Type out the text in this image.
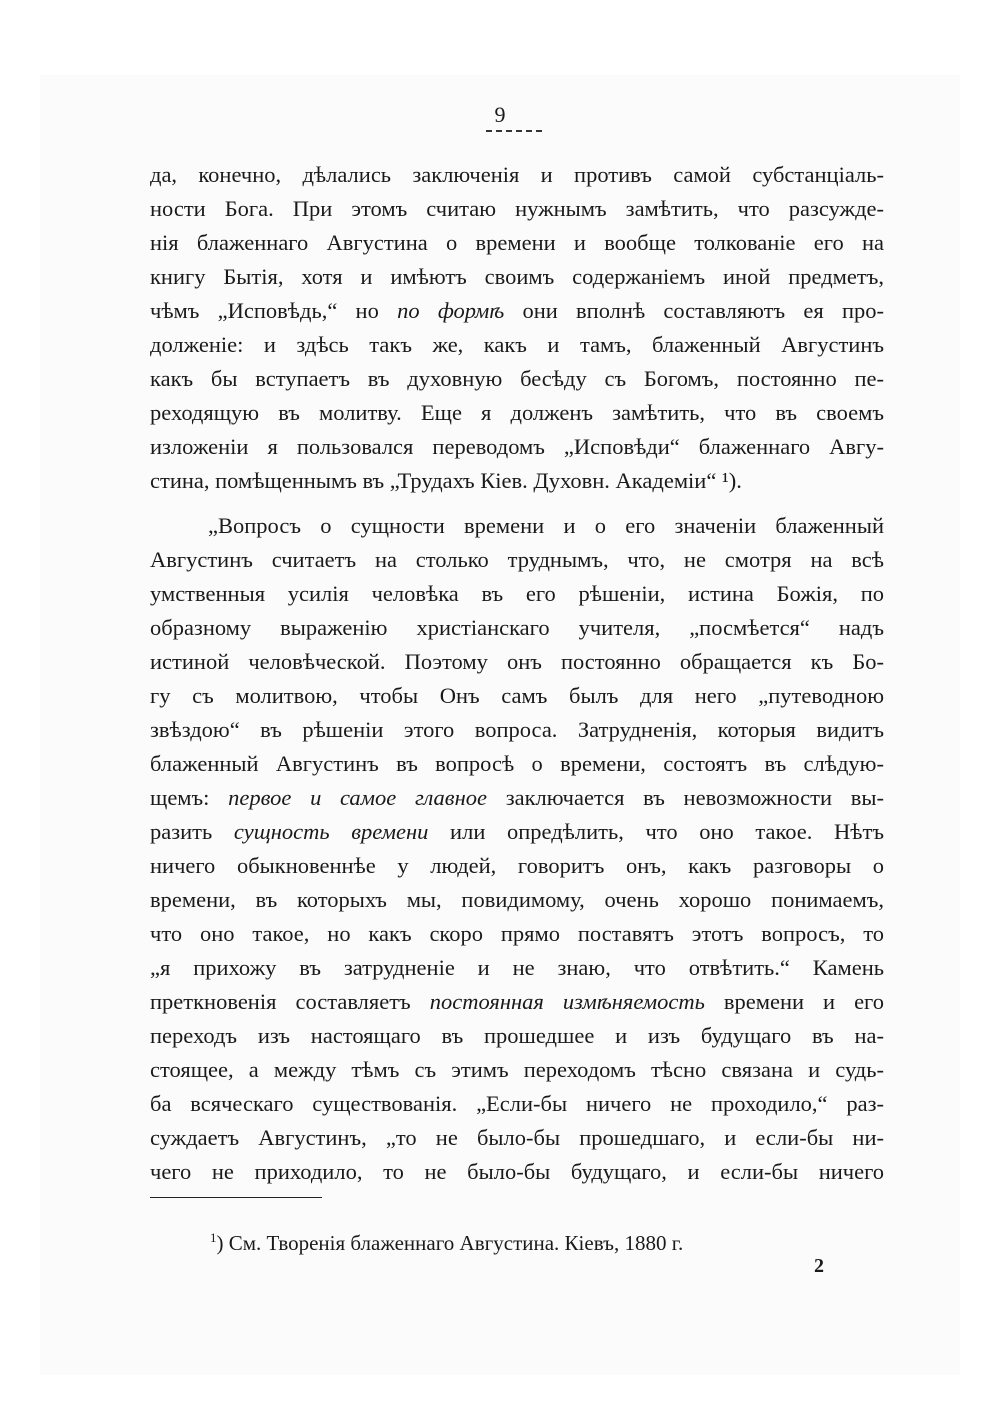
9
да, конечно, дѣлались заключенія и противъ самой субстанціаль-
ности Бога. При этомъ считаю нужнымъ замѣтить, что разсужде-
нія блаженнаго Августина о времени и вообще толкованіе его на
книгу Бытія, хотя и имѣютъ своимъ содержаніемъ иной предметъ,
чѣмъ „Исповѣдь,“ но по формѣ они вполнѣ составляютъ ея про-
долженіе: и здѣсь такъ же, какъ и тамъ, блаженный Августинъ
какъ бы вступаетъ въ духовную бесѣду съ Богомъ, постоянно пе-
реходящую въ молитву. Еще я долженъ замѣтить, что въ своемъ
изложеніи я пользовался переводомъ „Исповѣди“ блаженнаго Авгу-
стина, помѣщеннымъ въ „Трудахъ Кіев. Духовн. Академіи“ ¹).
„Вопросъ о сущности времени и о его значеніи блаженный
Августинъ считаетъ на столько труднымъ, что, не смотря на всѣ
умственныя усилія человѣка въ его рѣшеніи, истина Божія, по
образному выраженію христіанскаго учителя, „посмѣется“ надъ
истиной человѣческой. Поэтому онъ постоянно обращается къ Бо-
гу съ молитвою, чтобы Онъ самъ былъ для него „путеводною
звѣздою“ въ рѣшеніи этого вопроса. Затрудненія, которыя видитъ
блаженный Августинъ въ вопросѣ о времени, состоятъ въ слѣдую-
щемъ: первое и самое главное заключается въ невозможности вы-
разить сущность времени или опредѣлить, что оно такое. Нѣтъ
ничего обыкновеннѣе у людей, говоритъ онъ, какъ разговоры о
времени, въ которыхъ мы, повидимому, очень хорошо понимаемъ,
что оно такое, но какъ скоро прямо поставятъ этотъ вопросъ, то
„я прихожу въ затрудненіе и не знаю, что отвѣтить.“ Камень
преткновенія составляетъ постоянная измѣняемость времени и его
переходъ изъ настоящаго въ прошедшее и изъ будущаго въ на-
стоящее, а между тѣмъ съ этимъ переходомъ тѣсно связана и судь-
ба всяческаго существованія. „Если-бы ничего не проходило,“ раз-
суждаетъ Августинъ, „то не было-бы прошедшаго, и если-бы ни-
чего не приходило, то не было-бы будущаго, и если-бы ничего
$^1$) См. Творенія блаженнаго Августина. Кіевъ, 1880 г.
2
